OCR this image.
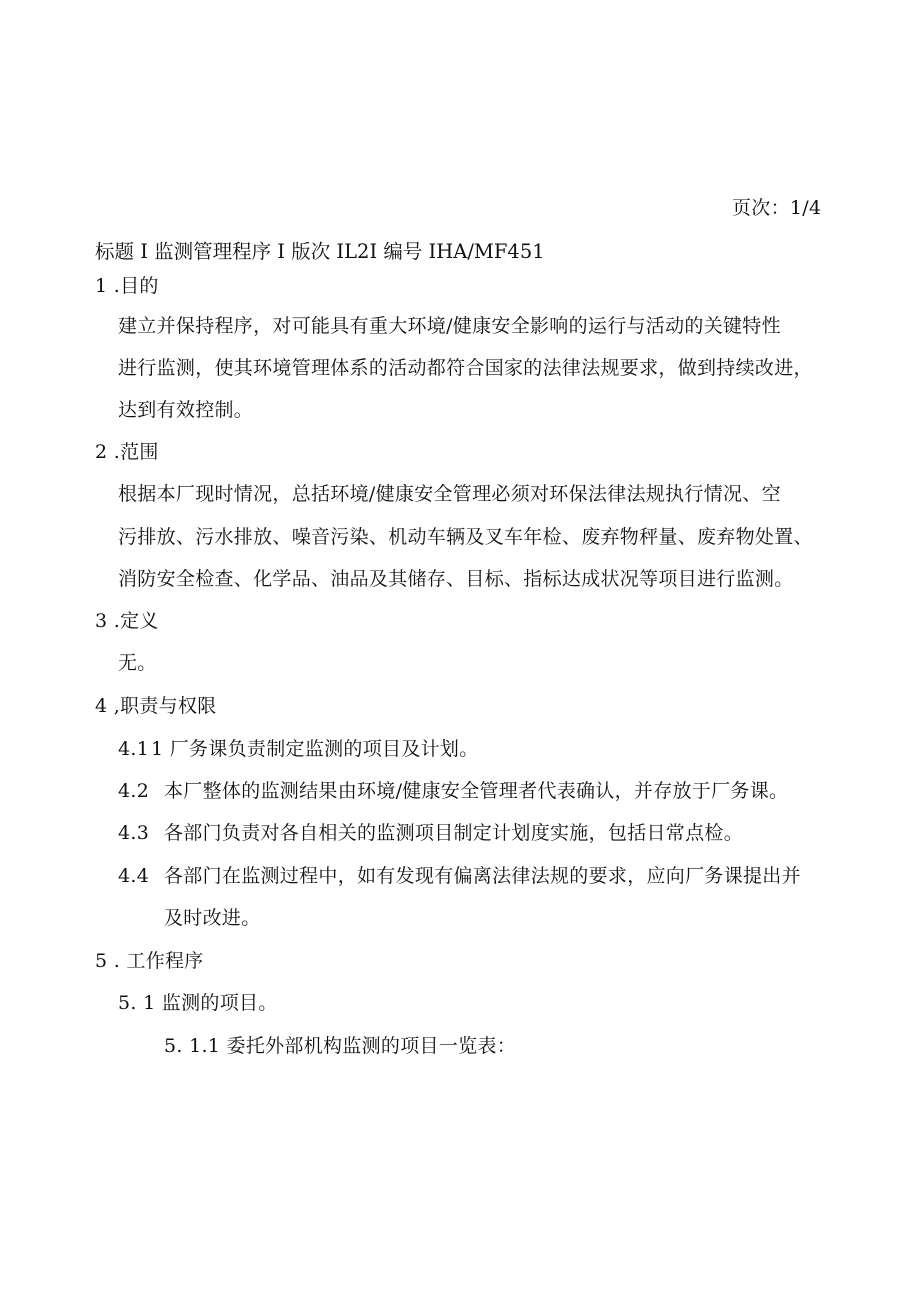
页次：1/4
标题 I 监测管理程序 I 版次 IL2I 编号 IHA/MF451
1 .目的
建立并保持程序，对可能具有重大环境/健康安全影响的运行与活动的关键特性
进行监测，使其环境管理体系的活动都符合国家的法律法规要求，做到持续改进，
达到有效控制。
2 .范围
根据本厂现时情况，总括环境/健康安全管理必须对环保法律法规执行情况、空
污排放、污水排放、噪音污染、机动车辆及叉车年检、废弃物秤量、废弃物处置、
消防安全检查、化学品、油品及其储存、目标、指标达成状况等项目进行监测。
3 .定义
无。
4 ,职责与权限
4.1 1 厂务课负责制定监测的项目及计划。
4.2 本厂整体的监测结果由环境/健康安全管理者代表确认，并存放于厂务课。
4.3 各部门负责对各自相关的监测项目制定计划度实施，包括日常点检。
4.4 各部门在监测过程中，如有发现有偏离法律法规的要求，应向厂务课提出并
及时改进。
5 . 工作程序
5. 1 监测的项目。
5. 1.1 委托外部机构监测的项目一览表：
